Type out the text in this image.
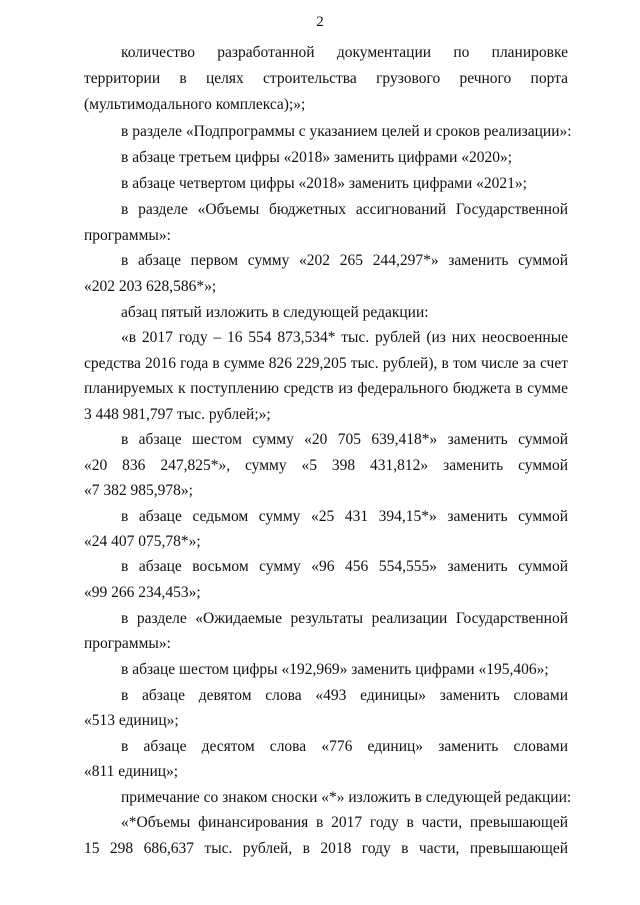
2
количество разработанной документации по планировке
территории в целях строительства грузового речного порта
(мультимодального комплекса);»;
в разделе «Подпрограммы с указанием целей и сроков реализации»:
в абзаце третьем цифры «2018» заменить цифрами «2020»;
в абзаце четвертом цифры «2018» заменить цифрами «2021»;
в разделе «Объемы бюджетных ассигнований Государственной
программы»:
в абзаце первом сумму «202 265 244,297*» заменить суммой
«202 203 628,586*»;
абзац пятый изложить в следующей редакции:
«в 2017 году – 16 554 873,534* тыс. рублей (из них неосвоенные
средства 2016 года в сумме 826 229,205 тыс. рублей), в том числе за счет
планируемых к поступлению средств из федерального бюджета в сумме
3 448 981,797 тыс. рублей;»;
в абзаце шестом сумму «20 705 639,418*» заменить суммой
«20 836 247,825*», сумму «5 398 431,812» заменить суммой
«7 382 985,978»;
в абзаце седьмом сумму «25 431 394,15*» заменить суммой
«24 407 075,78*»;
в абзаце восьмом сумму «96 456 554,555» заменить суммой
«99 266 234,453»;
в разделе «Ожидаемые результаты реализации Государственной
программы»:
в абзаце шестом цифры «192,969» заменить цифрами «195,406»;
в абзаце девятом слова «493 единицы» заменить словами
«513 единиц»;
в абзаце десятом слова «776 единиц» заменить словами
«811 единиц»;
примечание со знаком сноски «*» изложить в следующей редакции:
«*Объемы финансирования в 2017 году в части, превышающей
15 298 686,637 тыс. рублей, в 2018 году в части, превышающей
